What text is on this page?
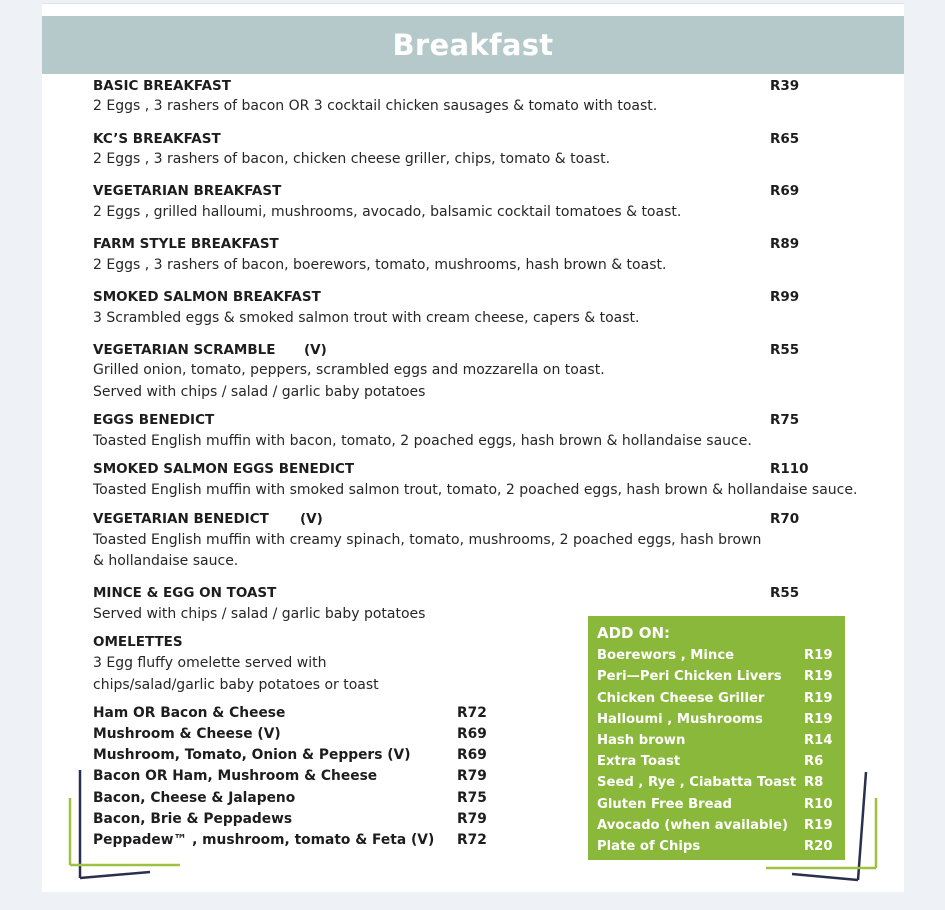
Breakfast
BASIC BREAKFAST	R39
2 Eggs , 3 rashers of bacon OR 3 cocktail chicken sausages & tomato with toast.
KC’S BREAKFAST	R65
2 Eggs , 3 rashers of bacon, chicken cheese griller, chips, tomato & toast.
VEGETARIAN BREAKFAST	R69
2 Eggs , grilled halloumi, mushrooms, avocado, balsamic cocktail tomatoes & toast.
FARM STYLE BREAKFAST	R89
2 Eggs , 3 rashers of bacon, boerewors, tomato, mushrooms, hash brown & toast.
SMOKED SALMON BREAKFAST	R99
3 Scrambled eggs & smoked salmon trout with cream cheese, capers & toast.
VEGETARIAN SCRAMBLE (V)	R55
Grilled onion, tomato, peppers, scrambled eggs and mozzarella on toast.
Served with chips / salad / garlic baby potatoes
EGGS BENEDICT	R75
Toasted English muffin with bacon, tomato, 2 poached eggs, hash brown & hollandaise sauce.
SMOKED SALMON EGGS BENEDICT	R110
Toasted English muffin with smoked salmon trout, tomato, 2 poached eggs, hash brown & hollandaise sauce.
VEGETARIAN BENEDICT (V)	R70
Toasted English muffin with creamy spinach, tomato, mushrooms, 2 poached eggs, hash brown
& hollandaise sauce.
MINCE & EGG ON TOAST	R55
Served with chips / salad / garlic baby potatoes
OMELETTES
3 Egg fluffy omelette served with
chips/salad/garlic baby potatoes or toast
Ham OR Bacon & Cheese	R72
Mushroom & Cheese (V)	R69
Mushroom, Tomato, Onion & Peppers (V)	R69
Bacon OR Ham, Mushroom & Cheese	R79
Bacon, Cheese & Jalapeno	R75
Bacon, Brie & Peppadews	R79
Peppadew™ , mushroom, tomato & Feta (V) R72
ADD ON:
Boerewors , Mince	R19
Peri—Peri Chicken Livers R19
Chicken Cheese Griller	R19
Halloumi , Mushrooms	R19
Hash brown	R14
Extra Toast	R6
Seed , Rye , Ciabatta Toast R8
Gluten Free Bread	R10
Avocado (when available) R19
Plate of Chips	R20
